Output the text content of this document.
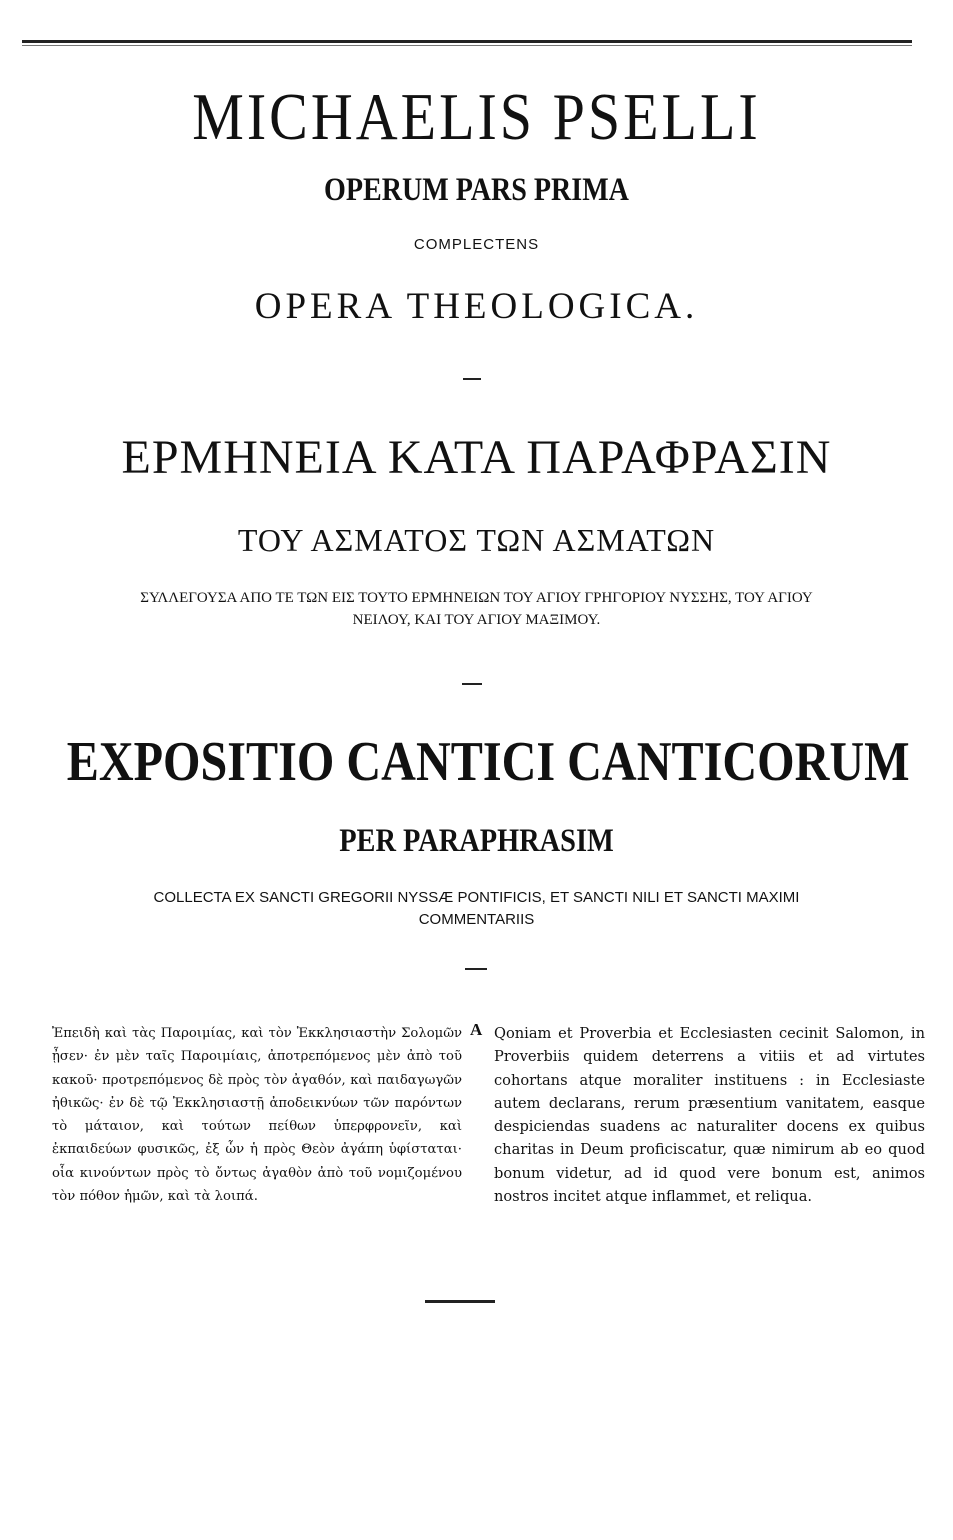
MICHAELIS PSELLI
OPERUM PARS PRIMA
COMPLECTENS
OPERA THEOLOGICA.
ΕΡΜΗΝΕΙΑ ΚΑΤΑ ΠΑΡΑΦΡΑΣΙΝ
ΤΟΥ ΑΣΜΑΤΟΣ ΤΩΝ ΑΣΜΑΤΩΝ
ΣΥΛΛΕΓΟΥΣΑ ΑΠΟ ΤΕ ΤΩΝ ΕΙΣ ΤΟΥΤΟ ΕΡΜΗΝΕΙΩΝ ΤΟΥ ΑΓΙΟΥ ΓΡΗΓΟΡΙΟΥ ΝΥΣΣΗΣ, ΤΟΥ ΑΓΙΟΥ
ΝΕΙΛΟΥ, ΚΑΙ ΤΟΥ ΑΓΙΟΥ ΜΑΞΙΜΟΥ.
EXPOSITIO CANTICI CANTICORUM
PER PARAPHRASIM
COLLECTA EX SANCTI GREGORII NYSSÆ PONTIFICIS, ET SANCTI NILI ET SANCTI MAXIMI
COMMENTARIIS
Ἐπειδὴ καὶ τὰς Παροιμίας, καὶ τὸν Ἐκκλησιαστὴν Σολομῶν ᾖσεν· ἐν μὲν ταῖς Παροιμίαις, ἀποτρεπόμενος μὲν ἀπὸ τοῦ κακοῦ· προτρεπόμενος δὲ πρὸς τὸν ἀγαθόν, καὶ παιδαγωγῶν ἠθικῶς· ἐν δὲ τῷ Ἐκκλησιαστῇ ἀποδεικνύων τῶν παρόντων τὸ μάταιον, καὶ τούτων πείθων ὑπερφρονεῖν, καὶ ἐκπαιδεύων φυσικῶς, ἐξ ὧν ἡ πρὸς Θεὸν ἀγάπη ὑφίσταται· οἷα κινούντων πρὸς τὸ ὄντως ἀγαθὸν ἀπὸ τοῦ νομιζομένου τὸν πόθον ἡμῶν, καὶ τὰ λοιπά.
A Qoniam et Proverbia et Ecclesiasten cecinit Salomon, in Proverbiis quidem deterrens a vitiis et ad virtutes cohortans atque moraliter instituens : in Ecclesiaste autem declarans, rerum præsentium vanitatem, easque despiciendas suadens ac naturaliter docens ex quibus charitas in Deum proficiscatur, quæ nimirum ab eo quod bonum videtur, ad id quod vere bonum est, animos nostros incitet atque inflammet, et reliqua.
